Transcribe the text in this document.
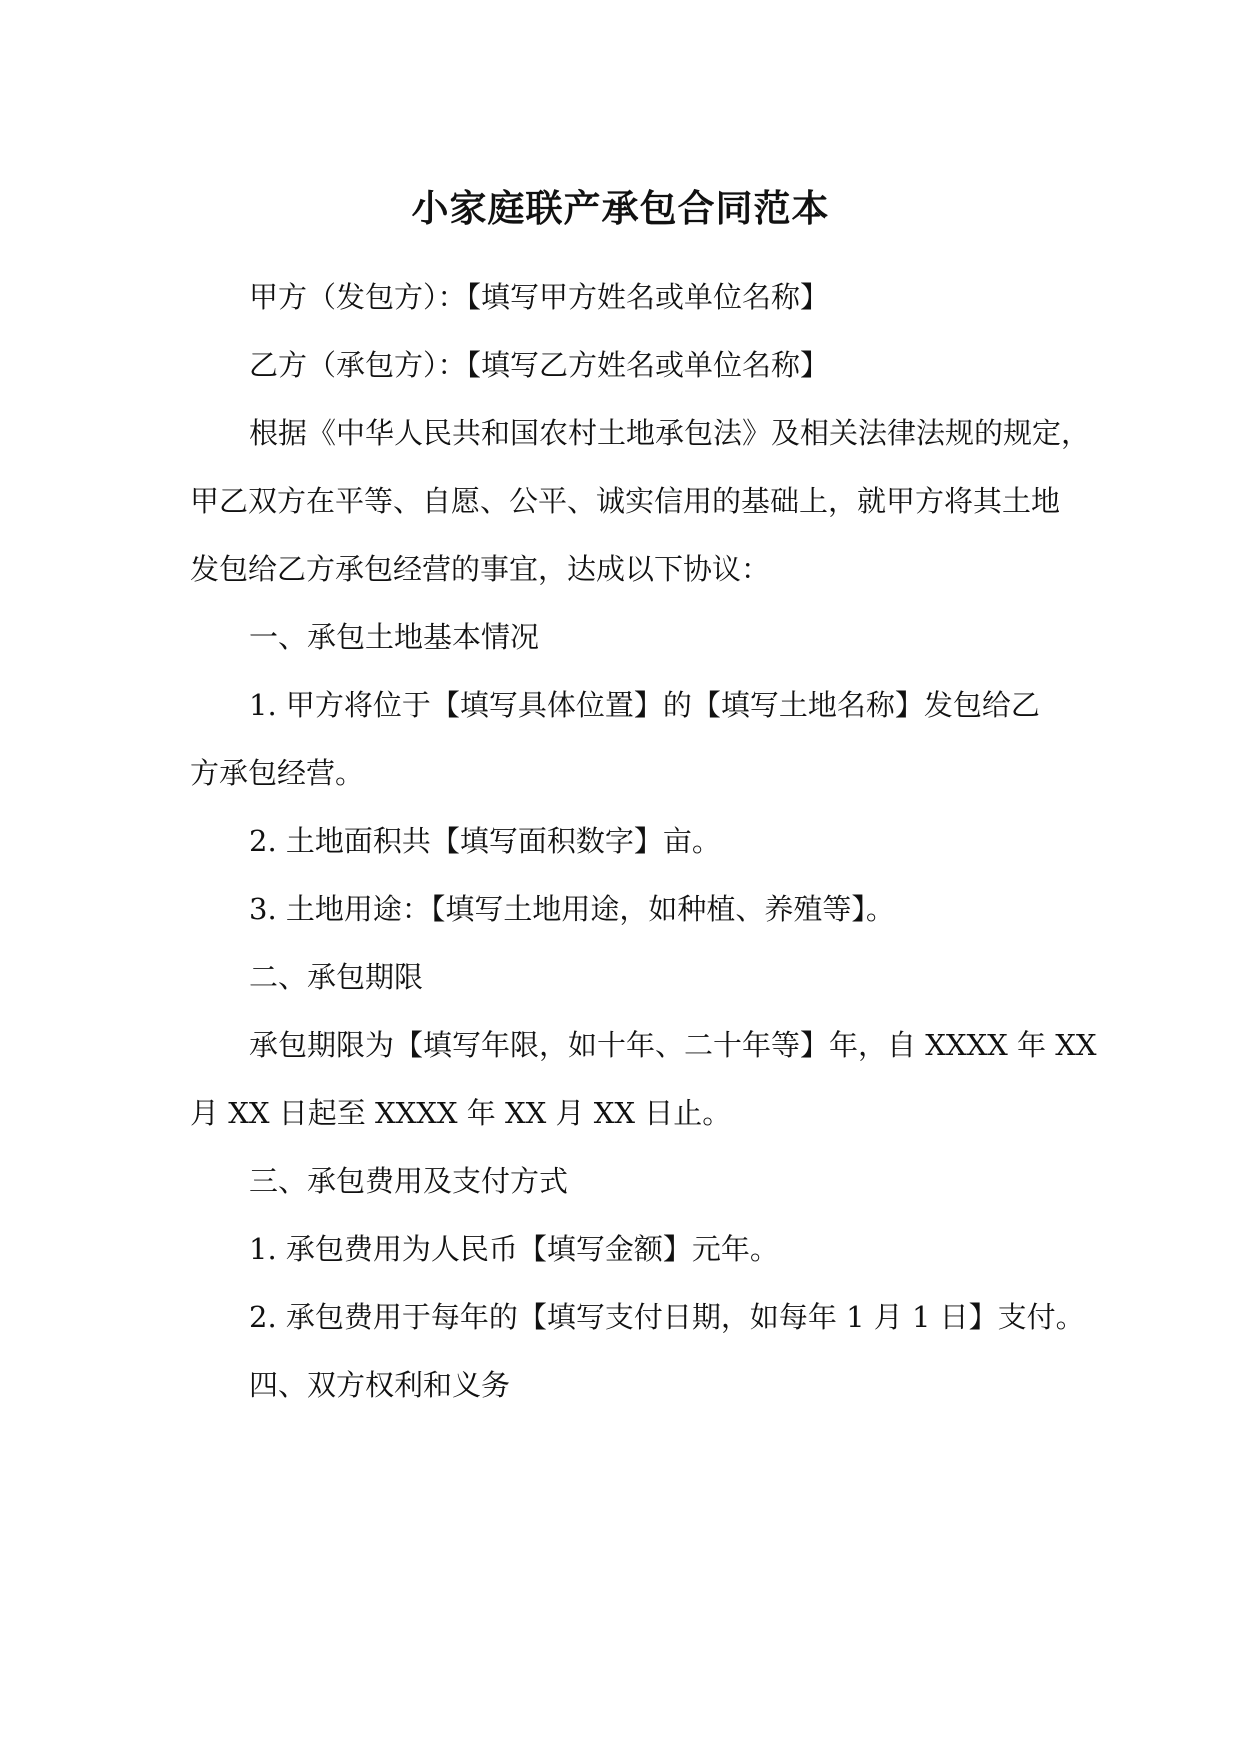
小家庭联产承包合同范本
甲方（发包方）：【填写甲方姓名或单位名称】
乙方（承包方）：【填写乙方姓名或单位名称】
根据《中华人民共和国农村土地承包法》及相关法律法规的规定，
甲乙双方在平等、自愿、公平、诚实信用的基础上，就甲方将其土地
发包给乙方承包经营的事宜，达成以下协议：
一、承包土地基本情况
1. 甲方将位于【填写具体位置】的【填写土地名称】发包给乙
方承包经营。
2. 土地面积共【填写面积数字】亩。
3. 土地用途：【填写土地用途，如种植、养殖等】。
二、承包期限
承包期限为【填写年限，如十年、二十年等】年，自 XXXX 年 XX
月 XX 日起至 XXXX 年 XX 月 XX 日止。
三、承包费用及支付方式
1. 承包费用为人民币【填写金额】元年。
2. 承包费用于每年的【填写支付日期，如每年 1 月 1 日】支付。
四、双方权利和义务
